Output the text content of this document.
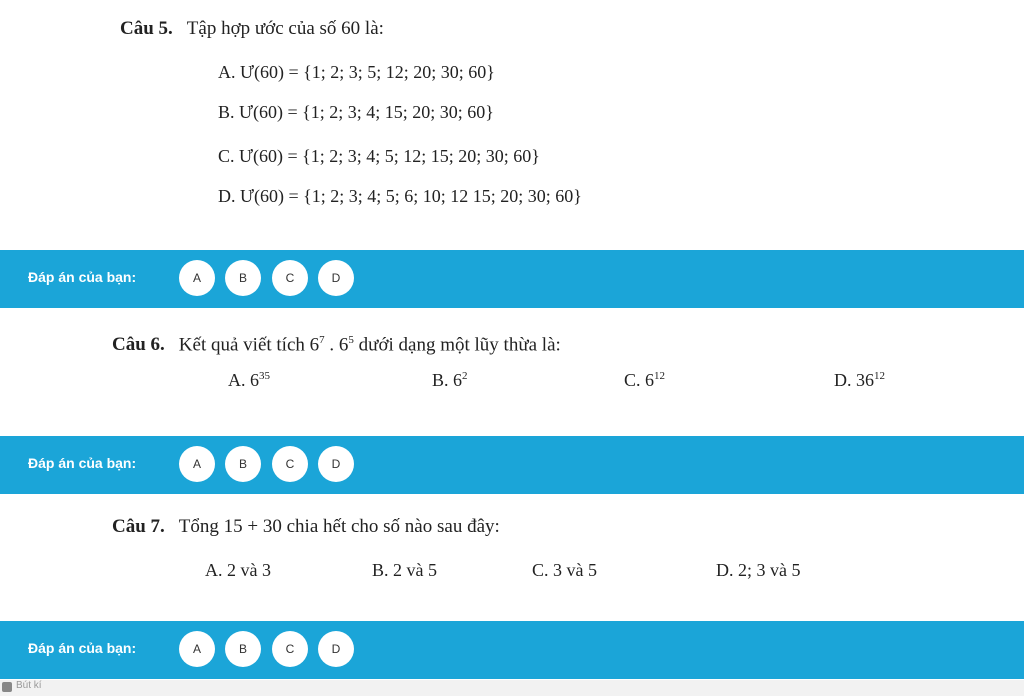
Câu 5. Tập hợp ước của số 60 là:
A. Ư(60) = {1; 2; 3; 5; 12; 20; 30; 60}
B. Ư(60) = {1; 2; 3; 4; 15; 20; 30; 60}
C. Ư(60) = {1; 2; 3; 4; 5; 12; 15; 20; 30; 60}
D. Ư(60) = {1; 2; 3; 4; 5; 6; 10; 12 15; 20; 30; 60}
Đáp án của bạn:	A	B	C	D
Câu 6. Kết quả viết tích $6^7$ . $6^5$ dưới dạng một lũy thừa là:
A. $6^{35}$	B. $6^2$	C. $6^{12}$	D. $36^{12}$
Đáp án của bạn:	A	B	C	D
Câu 7. Tổng 15 + 30 chia hết cho số nào sau đây:
A. 2 và 3	B. 2 và 5	C. 3 và 5	D. 2; 3 và 5
Đáp án của bạn:	A	B	C	D
Bút kí
